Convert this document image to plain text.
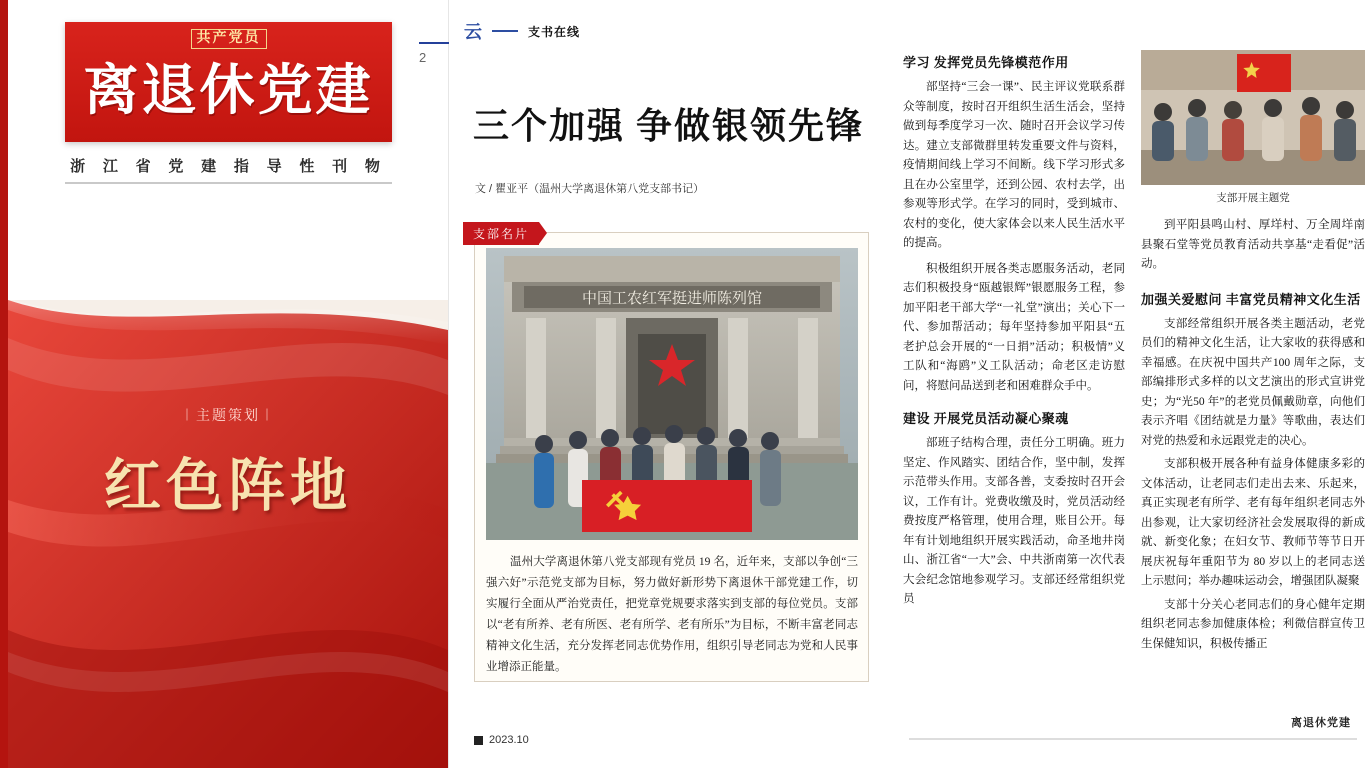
共产党员
离退休党建
浙 江 省 党 建 指 导 性 刊 物
︱主题策划︱
红色阵地
2
云	支书在线
三个加强 争做银领先锋
文 / 瞿亚平（温州大学离退休第八党支部书记）
支部名片
中国工农红军挺进师陈列馆
温州大学离退休第八党支部现有党员 19 名，近年来，支部以争创“三强六好”示范党支部为目标，努力做好新形势下离退休干部党建工作，切实履行全面从严治党责任，把党章党规要求落实到支部的每位党员。支部以“老有所养、老有所医、老有所学、老有所乐”为目标，不断丰富老同志精神文化生活，充分发挥老同志优势作用，组织引导老同志为党和人民事业增添正能量。
2023.10
学习 发挥党员先锋模范作用

部坚持“三会一课”、民主评议党联系群众等制度，按时召开组织生活生活会，坚持做到每季度学习一次、随时召开会议学习传达。建立支部微群里转发重要文件与资料，疫情期间线上学习不间断。线下学习形式多且在办公室里学，还到公园、农村去学，出参观等形式学。在学习的同时，受到城市、农村的变化，使大家体会以来人民生活水平的提高。

积极组织开展各类志愿服务活动，老同志们积极投身“瓯越银辉”银愿服务工程，参加平阳老干部大学“一礼堂”演出；关心下一代、参加帮活动；每年坚持参加平阳县“五老护总会开展的“一日捐”活动；积极情”义工队和“海鸥”义工队活动；命老区走访慰问，将慰问品送到老和困难群众手中。

建设 开展党员活动凝心聚魂

部班子结构合理，责任分工明确。班力坚定、作风踏实、团结合作，坚中制，发挥示范带头作用。支部各善，支委按时召开会议，工作有计。党费收缴及时，党员活动经费按度严格管理，使用合理，账目公开。每年有计划地组织开展实践活动，命圣地井岗山、浙江省“一大”会、中共浙南第一次代表大会纪念馆地参观学习。支部还经常组织党员

支部开展主题党

到平阳县鸣山村、厚垟村、万全周垟南县聚石堂等党员教育活动共享基“走看促”活动。

加强关爱慰问 丰富党员精神文化生活

支部经常组织开展各类主题活动，老党员们的精神文化生活，让大家收的获得感和幸福感。在庆祝中国共产100 周年之际，支部编排形式多样的以文艺演出的形式宣讲党史；为“光50 年”的老党员佩戴勋章，向他们表示齐唱《团结就是力量》等歌曲，表达们对党的热爱和永远跟党走的决心。

支部积极开展各种有益身体健康多彩的文体活动，让老同志们走出去来、乐起来，真正实现老有所学、老有每年组织老同志外出参观，让大家切经济社会发展取得的新成就、新变化象；在妇女节、教师节等节日开展庆祝每年重阳节为 80 岁以上的老同志送上示慰问；举办趣味运动会，增强团队凝聚

支部十分关心老同志们的身心健年定期组织老同志参加健康体检；利微信群宣传卫生保健知识，积极传播正

离退休党建
